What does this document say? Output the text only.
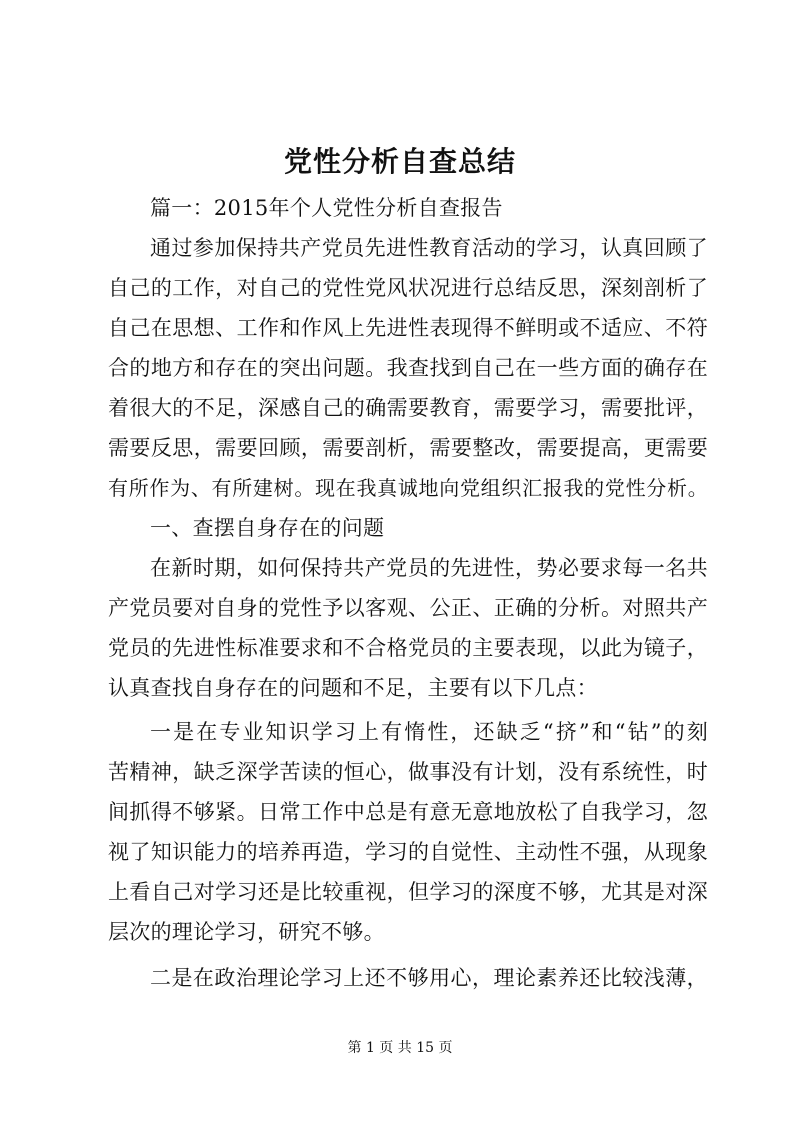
党性分析自查总结
篇一：2015年个人党性分析自查报告
通过参加保持共产党员先进性教育活动的学习，认真回顾了
自己的工作，对自己的党性党风状况进行总结反思，深刻剖析了
自己在思想、工作和作风上先进性表现得不鲜明或不适应、不符
合的地方和存在的突出问题。我查找到自己在一些方面的确存在
着很大的不足，深感自己的确需要教育，需要学习，需要批评，
需要反思，需要回顾，需要剖析，需要整改，需要提高，更需要
有所作为、有所建树。现在我真诚地向党组织汇报我的党性分析。
一、查摆自身存在的问题
在新时期，如何保持共产党员的先进性，势必要求每一名共
产党员要对自身的党性予以客观、公正、正确的分析。对照共产
党员的先进性标准要求和不合格党员的主要表现，以此为镜子，
认真查找自身存在的问题和不足，主要有以下几点：
一是在专业知识学习上有惰性，还缺乏“挤”和“钻”的刻
苦精神，缺乏深学苦读的恒心，做事没有计划，没有系统性，时
间抓得不够紧。日常工作中总是有意无意地放松了自我学习，忽
视了知识能力的培养再造，学习的自觉性、主动性不强，从现象
上看自己对学习还是比较重视，但学习的深度不够，尤其是对深
层次的理论学习，研究不够。
二是在政治理论学习上还不够用心，理论素养还比较浅薄，
第 1 页 共 15 页
